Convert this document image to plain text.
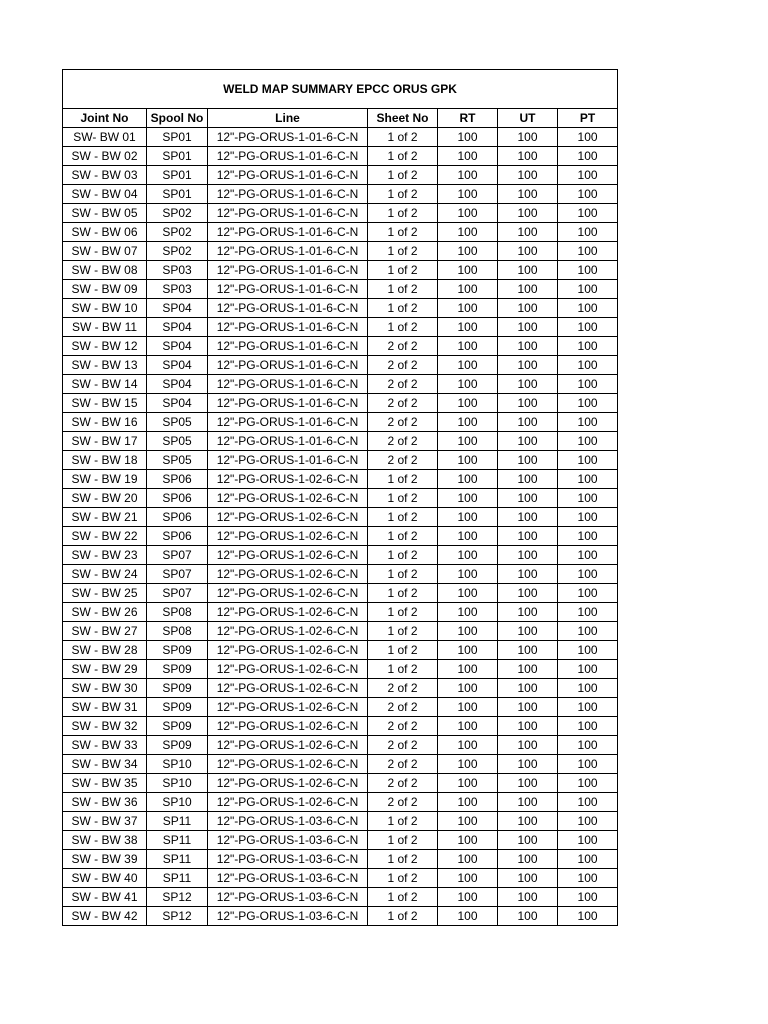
WELD MAP SUMMARY EPCC ORUS GPK						
Joint No	Spool No	Line	Sheet No	RT	UT	PT
SW- BW 01	SP01	12"-PG-ORUS-1-01-6-C-N	1 of 2	100	100	100
SW - BW 02	SP01	12"-PG-ORUS-1-01-6-C-N	1 of 2	100	100	100
SW - BW 03	SP01	12"-PG-ORUS-1-01-6-C-N	1 of 2	100	100	100
SW - BW 04	SP01	12"-PG-ORUS-1-01-6-C-N	1 of 2	100	100	100
SW - BW 05	SP02	12"-PG-ORUS-1-01-6-C-N	1 of 2	100	100	100
SW - BW 06	SP02	12"-PG-ORUS-1-01-6-C-N	1 of 2	100	100	100
SW - BW 07	SP02	12"-PG-ORUS-1-01-6-C-N	1 of 2	100	100	100
SW - BW 08	SP03	12"-PG-ORUS-1-01-6-C-N	1 of 2	100	100	100
SW - BW 09	SP03	12"-PG-ORUS-1-01-6-C-N	1 of 2	100	100	100
SW - BW 10	SP04	12"-PG-ORUS-1-01-6-C-N	1 of 2	100	100	100
SW - BW 11	SP04	12"-PG-ORUS-1-01-6-C-N	1 of 2	100	100	100
SW - BW 12	SP04	12"-PG-ORUS-1-01-6-C-N	2 of 2	100	100	100
SW - BW 13	SP04	12"-PG-ORUS-1-01-6-C-N	2 of 2	100	100	100
SW - BW 14	SP04	12"-PG-ORUS-1-01-6-C-N	2 of 2	100	100	100
SW - BW 15	SP04	12"-PG-ORUS-1-01-6-C-N	2 of 2	100	100	100
SW - BW 16	SP05	12"-PG-ORUS-1-01-6-C-N	2 of 2	100	100	100
SW - BW 17	SP05	12"-PG-ORUS-1-01-6-C-N	2 of 2	100	100	100
SW - BW 18	SP05	12"-PG-ORUS-1-01-6-C-N	2 of 2	100	100	100
SW - BW 19	SP06	12"-PG-ORUS-1-02-6-C-N	1 of 2	100	100	100
SW - BW 20	SP06	12"-PG-ORUS-1-02-6-C-N	1 of 2	100	100	100
SW - BW 21	SP06	12"-PG-ORUS-1-02-6-C-N	1 of 2	100	100	100
SW - BW 22	SP06	12"-PG-ORUS-1-02-6-C-N	1 of 2	100	100	100
SW - BW 23	SP07	12"-PG-ORUS-1-02-6-C-N	1 of 2	100	100	100
SW - BW 24	SP07	12"-PG-ORUS-1-02-6-C-N	1 of 2	100	100	100
SW - BW 25	SP07	12"-PG-ORUS-1-02-6-C-N	1 of 2	100	100	100
SW - BW 26	SP08	12"-PG-ORUS-1-02-6-C-N	1 of 2	100	100	100
SW - BW 27	SP08	12"-PG-ORUS-1-02-6-C-N	1 of 2	100	100	100
SW - BW 28	SP09	12"-PG-ORUS-1-02-6-C-N	1 of 2	100	100	100
SW - BW 29	SP09	12"-PG-ORUS-1-02-6-C-N	1 of 2	100	100	100
SW - BW 30	SP09	12"-PG-ORUS-1-02-6-C-N	2 of 2	100	100	100
SW - BW 31	SP09	12"-PG-ORUS-1-02-6-C-N	2 of 2	100	100	100
SW - BW 32	SP09	12"-PG-ORUS-1-02-6-C-N	2 of 2	100	100	100
SW - BW 33	SP09	12"-PG-ORUS-1-02-6-C-N	2 of 2	100	100	100
SW - BW 34	SP10	12"-PG-ORUS-1-02-6-C-N	2 of 2	100	100	100
SW - BW 35	SP10	12"-PG-ORUS-1-02-6-C-N	2 of 2	100	100	100
SW - BW 36	SP10	12"-PG-ORUS-1-02-6-C-N	2 of 2	100	100	100
SW - BW 37	SP11	12"-PG-ORUS-1-03-6-C-N	1 of 2	100	100	100
SW - BW 38	SP11	12"-PG-ORUS-1-03-6-C-N	1 of 2	100	100	100
SW - BW 39	SP11	12"-PG-ORUS-1-03-6-C-N	1 of 2	100	100	100
SW - BW 40	SP11	12"-PG-ORUS-1-03-6-C-N	1 of 2	100	100	100
SW - BW 41	SP12	12"-PG-ORUS-1-03-6-C-N	1 of 2	100	100	100
SW - BW 42	SP12	12"-PG-ORUS-1-03-6-C-N	1 of 2	100	100	100
